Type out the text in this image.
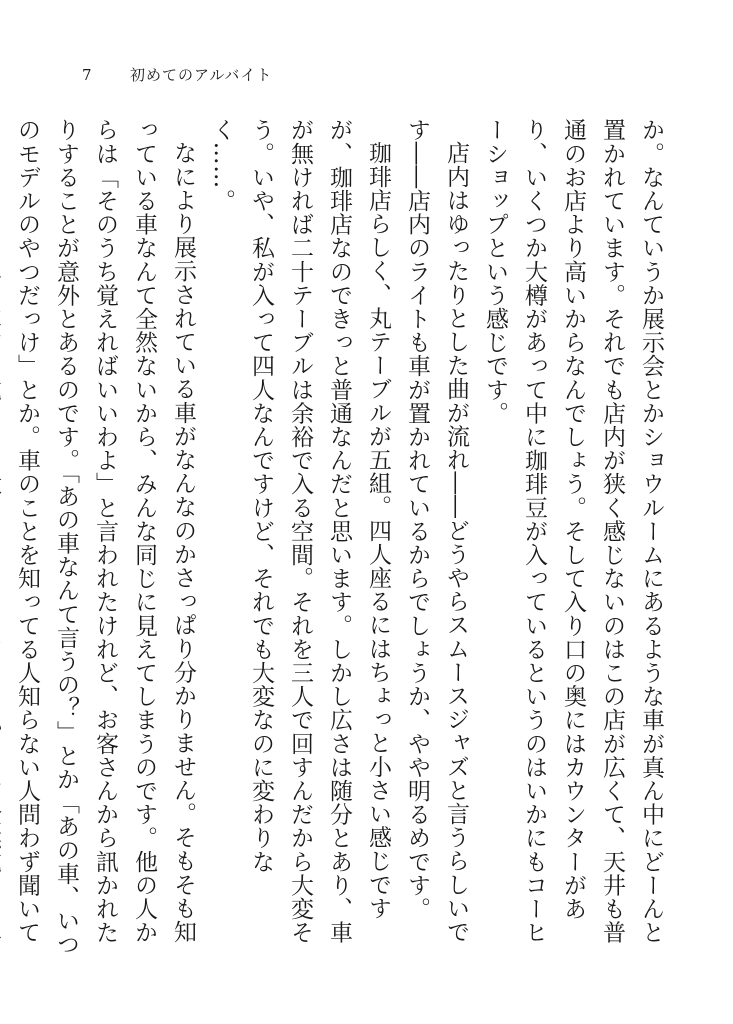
7 初めてのアルバイト

か。なんていうか展示会とかショウルームにあるような車が真ん中にどーんと置かれています。それでも店内が狭く感じないのはこの店が広くて、天井も普通のお店より高いからなんでしょう。そして入り口の奥にはカウンターがあり、いくつか大樽があって中に珈琲豆が入っているというのはいかにもコーヒーショップという感じです。

店内はゆったりとした曲が流れ――どうやらスムースジャズと言うらしいです――店内のライトも車が置かれているからでしょうか、やや明るめです。

珈琲店らしく、丸テーブルが五組。四人座るにはちょっと小さい感じですが、珈琲店なのできっと普通なんだと思います。しかし広さは随分とあり、車が無ければ二十テーブルは余裕で入る空間。それを三人で回すんだから大変そう。いや、私が入って四人なんですけど、それでも大変なのに変わりなく……。

なにより展示されている車がなんなのかさっぱり分かりません。そもそも知っている車なんて全然ないから、みんな同じに見えてしまうのです。他の人からは「そのうち覚えればいいわよ」と言われたけれど、お客さんから訊かれたりすることが意外とあるのです。「あの車なんて言うの？」とか「あの車、いつのモデルのやつだっけ」とか。車のことを知ってる人知らない人問わず聞いて
